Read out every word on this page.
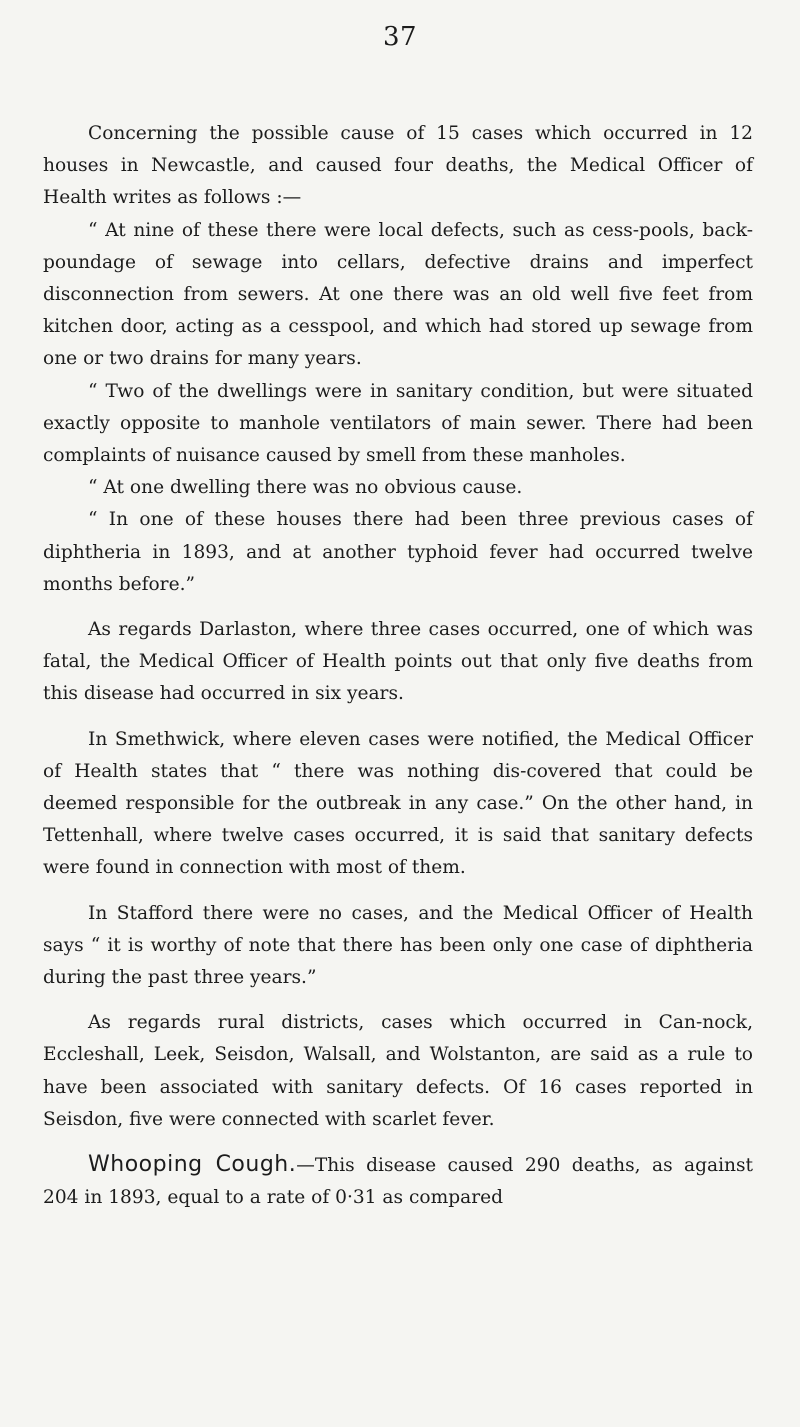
37

Concerning the possible cause of 15 cases which occurred in 12 houses in Newcastle, and caused four deaths, the Medical Officer of Health writes as follows :—

“ At nine of these there were local defects, such as cess-pools, back-poundage of sewage into cellars, defective drains and imperfect disconnection from sewers. At one there was an old well five feet from kitchen door, acting as a cesspool, and which had stored up sewage from one or two drains for many years.

“ Two of the dwellings were in sanitary condition, but were situated exactly opposite to manhole ventilators of main sewer. There had been complaints of nuisance caused by smell from these manholes.

“ At one dwelling there was no obvious cause.

“ In one of these houses there had been three previous cases of diphtheria in 1893, and at another typhoid fever had occurred twelve months before.”

As regards Darlaston, where three cases occurred, one of which was fatal, the Medical Officer of Health points out that only five deaths from this disease had occurred in six years.

In Smethwick, where eleven cases were notified, the Medical Officer of Health states that “ there was nothing dis-covered that could be deemed responsible for the outbreak in any case.” On the other hand, in Tettenhall, where twelve cases occurred, it is said that sanitary defects were found in connection with most of them.

In Stafford there were no cases, and the Medical Officer of Health says “ it is worthy of note that there has been only one case of diphtheria during the past three years.”

As regards rural districts, cases which occurred in Can-nock, Eccleshall, Leek, Seisdon, Walsall, and Wolstanton, are said as a rule to have been associated with sanitary defects. Of 16 cases reported in Seisdon, five were connected with scarlet fever.

Whooping Cough.—This disease caused 290 deaths, as against 204 in 1893, equal to a rate of 0·31 as compared
